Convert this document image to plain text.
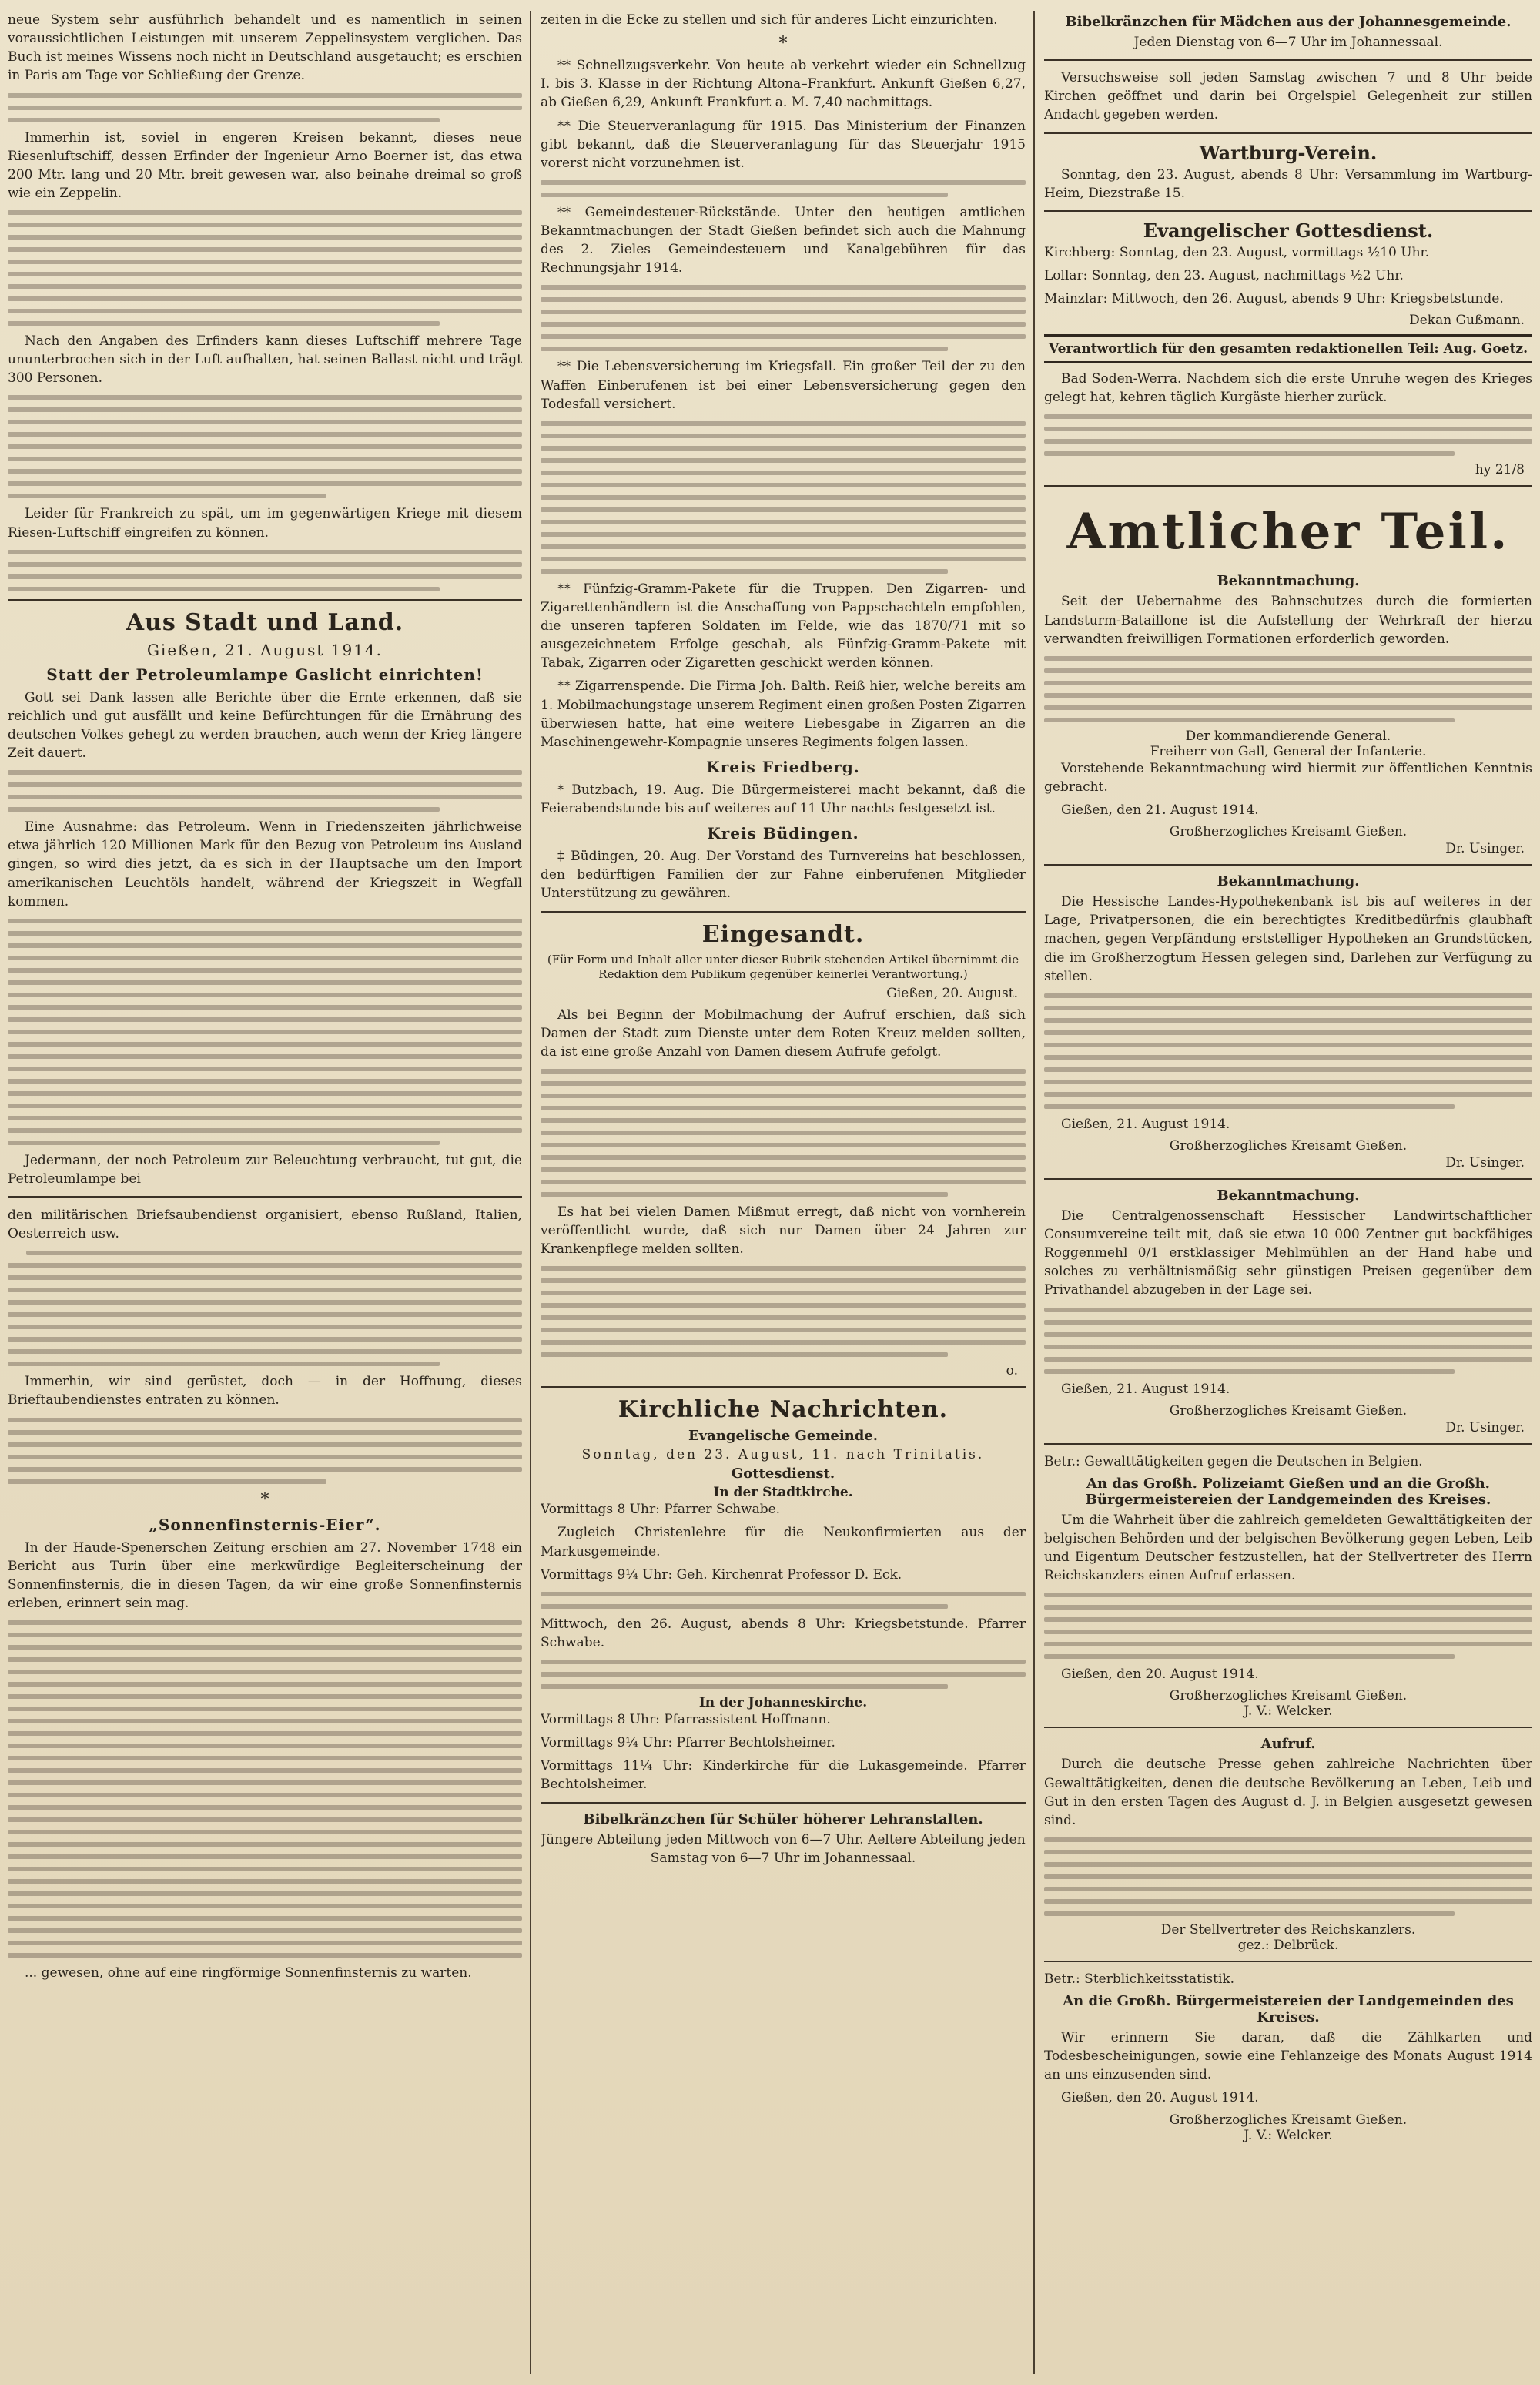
neue System sehr ausführlich behandelt und es namentlich in seinen voraussichtlichen Leistungen mit unserem Zeppelinsystem verglichen. Das Buch ist meines Wissens noch nicht in Deutschland ausgetaucht; es erschien in Paris am Tage vor Schließung der Grenze.

Immerhin ist, soviel in engeren Kreisen bekannt, dieses neue Riesenluftschiff, dessen Erfinder der Ingenieur Arno Boerner ist, das etwa 200 Mtr. lang und 20 Mtr. breit gewesen war, also beinahe dreimal so groß wie ein Zeppelin.

Nach den Angaben des Erfinders kann dieses Luftschiff mehrere Tage ununterbrochen sich in der Luft aufhalten, hat seinen Ballast nicht und trägt 300 Personen.

Leider für Frankreich zu spät, um im gegenwärtigen Kriege mit diesem Riesen-Luftschiff eingreifen zu können.

Aus Stadt und Land.
Gießen, 21. August 1914.
Statt der Petroleumlampe Gaslicht einrichten!

Gott sei Dank lassen alle Berichte über die Ernte erkennen, daß sie reichlich und gut ausfällt und keine Befürchtungen für die Ernährung des deutschen Volkes gehegt zu werden brauchen, auch wenn der Krieg längere Zeit dauert.

Eine Ausnahme: das Petroleum. Wenn in Friedenszeiten jährlichweise etwa jährlich 120 Millionen Mark für den Bezug von Petroleum ins Ausland gingen, so wird dies jetzt, da es sich in der Hauptsache um den Import amerikanischen Leuchtöls handelt, während der Kriegszeit in Wegfall kommen.

Jedermann, der noch Petroleum zur Beleuchtung verbraucht, tut gut, die Petroleumlampe bei

den militärischen Briefsaubendienst organisiert, ebenso Rußland, Italien, Oesterreich usw.

Immerhin, wir sind gerüstet, doch — in der Hoffnung, dieses Brieftaubendienstes entraten zu können.

*
„Sonnenfinsternis-Eier“.

In der Haude-Spenerschen Zeitung erschien am 27. November 1748 ein Bericht aus Turin über eine merkwürdige Begleiterscheinung der Sonnenfinsternis, die in diesen Tagen, da wir eine große Sonnenfinsternis erleben, erinnert sein mag.

... gewesen, ohne auf eine ringförmige Sonnenfinsternis zu warten.

zeiten in die Ecke zu stellen und sich für anderes Licht einzurichten.

*

** Schnellzugsverkehr. Von heute ab verkehrt wieder ein Schnellzug I. bis 3. Klasse in der Richtung Altona–Frankfurt. Ankunft Gießen 6,27, ab Gießen 6,29, Ankunft Frankfurt a. M. 7,40 nachmittags.

** Die Steuerveranlagung für 1915. Das Ministerium der Finanzen gibt bekannt, daß die Steuerveranlagung für das Steuerjahr 1915 vorerst nicht vorzunehmen ist.

** Gemeindesteuer-Rückstände. Unter den heutigen amtlichen Bekanntmachungen der Stadt Gießen befindet sich auch die Mahnung des 2. Zieles Gemeindesteuern und Kanalgebühren für das Rechnungsjahr 1914.

** Die Lebensversicherung im Kriegsfall. Ein großer Teil der zu den Waffen Einberufenen ist bei einer Lebensversicherung gegen den Todesfall versichert.

** Fünfzig-Gramm-Pakete für die Truppen. Den Zigarren- und Zigarettenhändlern ist die Anschaffung von Pappschachteln empfohlen, die unseren tapferen Soldaten im Felde, wie das 1870/71 mit so ausgezeichnetem Erfolge geschah, als Fünfzig-Gramm-Pakete mit Tabak, Zigarren oder Zigaretten geschickt werden können.

** Zigarrenspende. Die Firma Joh. Balth. Reiß hier, welche bereits am 1. Mobilmachungstage unserem Regiment einen großen Posten Zigarren überwiesen hatte, hat eine weitere Liebesgabe in Zigarren an die Maschinengewehr-Kompagnie unseres Regiments folgen lassen.

Kreis Friedberg.

* Butzbach, 19. Aug. Die Bürgermeisterei macht bekannt, daß die Feierabendstunde bis auf weiteres auf 11 Uhr nachts festgesetzt ist.

Kreis Büdingen.

‡ Büdingen, 20. Aug. Der Vorstand des Turnvereins hat beschlossen, den bedürftigen Familien der zur Fahne einberufenen Mitglieder Unterstützung zu gewähren.

Eingesandt.
(Für Form und Inhalt aller unter dieser Rubrik stehenden Artikel übernimmt die Redaktion dem Publikum gegenüber keinerlei Verantwortung.)
Gießen, 20. August.

Als bei Beginn der Mobilmachung der Aufruf erschien, daß sich Damen der Stadt zum Dienste unter dem Roten Kreuz melden sollten, da ist eine große Anzahl von Damen diesem Aufrufe gefolgt.

Es hat bei vielen Damen Mißmut erregt, daß nicht von vornherein veröffentlicht wurde, daß sich nur Damen über 24 Jahren zur Krankenpflege melden sollten.

o.
Kirchliche Nachrichten.
Evangelische Gemeinde.
Sonntag, den 23. August, 11. nach Trinitatis.
Gottesdienst.
In der Stadtkirche.

Vormittags 8 Uhr: Pfarrer Schwabe.

Zugleich Christenlehre für die Neukonfirmierten aus der Markusgemeinde.

Vormittags 9¼ Uhr: Geh. Kirchenrat Professor D. Eck.

Mittwoch, den 26. August, abends 8 Uhr: Kriegsbetstunde. Pfarrer Schwabe.

In der Johanneskirche.

Vormittags 8 Uhr: Pfarrassistent Hoffmann.

Vormittags 9¼ Uhr: Pfarrer Bechtolsheimer.

Vormittags 11¼ Uhr: Kinderkirche für die Lukasgemeinde. Pfarrer Bechtolsheimer.

Bibelkränzchen für Schüler höherer Lehranstalten.

Jüngere Abteilung jeden Mittwoch von 6—7 Uhr. Aeltere Abteilung jeden Samstag von 6—7 Uhr im Johannessaal.

Bibelkränzchen für Mädchen aus der Johannesgemeinde.

Jeden Dienstag von 6—7 Uhr im Johannessaal.

Versuchsweise soll jeden Samstag zwischen 7 und 8 Uhr beide Kirchen geöffnet und darin bei Orgelspiel Gelegenheit zur stillen Andacht gegeben werden.

Wartburg-Verein.

Sonntag, den 23. August, abends 8 Uhr: Versammlung im Wartburg-Heim, Diezstraße 15.

Evangelischer Gottesdienst.

Kirchberg: Sonntag, den 23. August, vormittags ½10 Uhr.

Lollar: Sonntag, den 23. August, nachmittags ½2 Uhr.

Mainzlar: Mittwoch, den 26. August, abends 9 Uhr: Kriegsbetstunde.

Dekan Gußmann.
Verantwortlich für den gesamten redaktionellen Teil: Aug. Goetz.

Bad Soden-Werra. Nachdem sich die erste Unruhe wegen des Krieges gelegt hat, kehren täglich Kurgäste hierher zurück.

hy 21/8
Amtlicher Teil.
Bekanntmachung.

Seit der Uebernahme des Bahnschutzes durch die formierten Landsturm-Bataillone ist die Aufstellung der Wehrkraft der hierzu verwandten freiwilligen Formationen erforderlich geworden.

Der kommandierende General.
Freiherr von Gall, General der Infanterie.

Vorstehende Bekanntmachung wird hiermit zur öffentlichen Kenntnis gebracht.

Gießen, den 21. August 1914.

Großherzogliches Kreisamt Gießen.
Dr. Usinger.
Bekanntmachung.

Die Hessische Landes-Hypothekenbank ist bis auf weiteres in der Lage, Privatpersonen, die ein berechtigtes Kreditbedürfnis glaubhaft machen, gegen Verpfändung erststelliger Hypotheken an Grundstücken, die im Großherzogtum Hessen gelegen sind, Darlehen zur Verfügung zu stellen.

Gießen, 21. August 1914.

Großherzogliches Kreisamt Gießen.
Dr. Usinger.
Bekanntmachung.

Die Centralgenossenschaft Hessischer Landwirtschaftlicher Consumvereine teilt mit, daß sie etwa 10 000 Zentner gut backfähiges Roggenmehl 0/1 erstklassiger Mehlmühlen an der Hand habe und solches zu verhältnismäßig sehr günstigen Preisen gegenüber dem Privathandel abzugeben in der Lage sei.

Gießen, 21. August 1914.

Großherzogliches Kreisamt Gießen.
Dr. Usinger.

Betr.: Gewalttätigkeiten gegen die Deutschen in Belgien.

An das Großh. Polizeiamt Gießen und an die Großh. Bürgermeistereien der Landgemeinden des Kreises.

Um die Wahrheit über die zahlreich gemeldeten Gewalttätigkeiten der belgischen Behörden und der belgischen Bevölkerung gegen Leben, Leib und Eigentum Deutscher festzustellen, hat der Stellvertreter des Herrn Reichskanzlers einen Aufruf erlassen.

Gießen, den 20. August 1914.

Großherzogliches Kreisamt Gießen.
J. V.: Welcker.
Aufruf.

Durch die deutsche Presse gehen zahlreiche Nachrichten über Gewalttätigkeiten, denen die deutsche Bevölkerung an Leben, Leib und Gut in den ersten Tagen des August d. J. in Belgien ausgesetzt gewesen sind.

Der Stellvertreter des Reichskanzlers.
gez.: Delbrück.

Betr.: Sterblichkeitsstatistik.

An die Großh. Bürgermeistereien der Landgemeinden des Kreises.

Wir erinnern Sie daran, daß die Zählkarten und Todesbescheinigungen, sowie eine Fehlanzeige des Monats August 1914 an uns einzusenden sind.

Gießen, den 20. August 1914.

Großherzogliches Kreisamt Gießen.
J. V.: Welcker.
